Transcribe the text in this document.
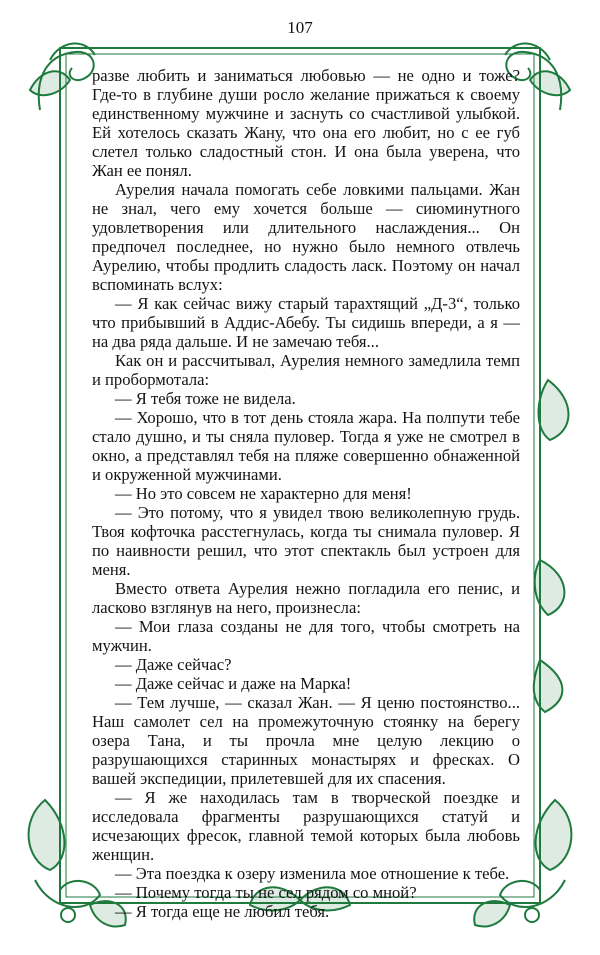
107

разве любить и заниматься любовью — не одно и тоже? Где-то в глубине души росло желание прижаться к своему единственному мужчине и заснуть со счастливой улыбкой. Ей хотелось сказать Жану, что она его любит, но с ее губ слетел только сладостный стон. И она была уверена, что Жан ее понял.

Аурелия начала помогать себе ловкими пальцами. Жан не знал, чего ему хочется больше — сиюминутного удовлетворения или длительного наслаждения... Он предпочел последнее, но нужно было немного отвлечь Аурелию, чтобы продлить сладость ласк. Поэтому он начал вспоминать вслух:

— Я как сейчас вижу старый тарахтящий „Д-3“, только что прибывший в Аддис-Абебу. Ты сидишь впереди, а я — на два ряда дальше. И не замечаю тебя...

Как он и рассчитывал, Аурелия немного замедлила темп и пробормотала:

— Я тебя тоже не видела.

— Хорошо, что в тот день стояла жара. На полпути тебе стало душно, и ты сняла пуловер. Тогда я уже не смотрел в окно, а представлял тебя на пляже совершенно обнаженной и окруженной мужчинами.

— Но это совсем не характерно для меня!

— Это потому, что я увидел твою великолепную грудь. Твоя кофточка расстегнулась, когда ты снимала пуловер. Я по наивности решил, что этот спектакль был устроен для меня.

Вместо ответа Аурелия нежно погладила его пенис, и ласково взглянув на него, произнесла:

— Мои глаза созданы не для того, чтобы смотреть на мужчин.

— Даже сейчас?

— Даже сейчас и даже на Марка!

— Тем лучше, — сказал Жан. — Я ценю постоянство... Наш самолет сел на промежуточную стоянку на берегу озера Тана, и ты прочла мне целую лекцию о разрушающихся старинных монастырях и фресках. О вашей экспедиции, прилетевшей для их спасения.

— Я же находилась там в творческой поездке и исследовала фрагменты разрушающихся статуй и исчезающих фресок, главной темой которых была любовь женщин.

— Эта поездка к озеру изменила мое отношение к тебе.

— Почему тогда ты не сел рядом со мной?

— Я тогда еще не любил тебя.
